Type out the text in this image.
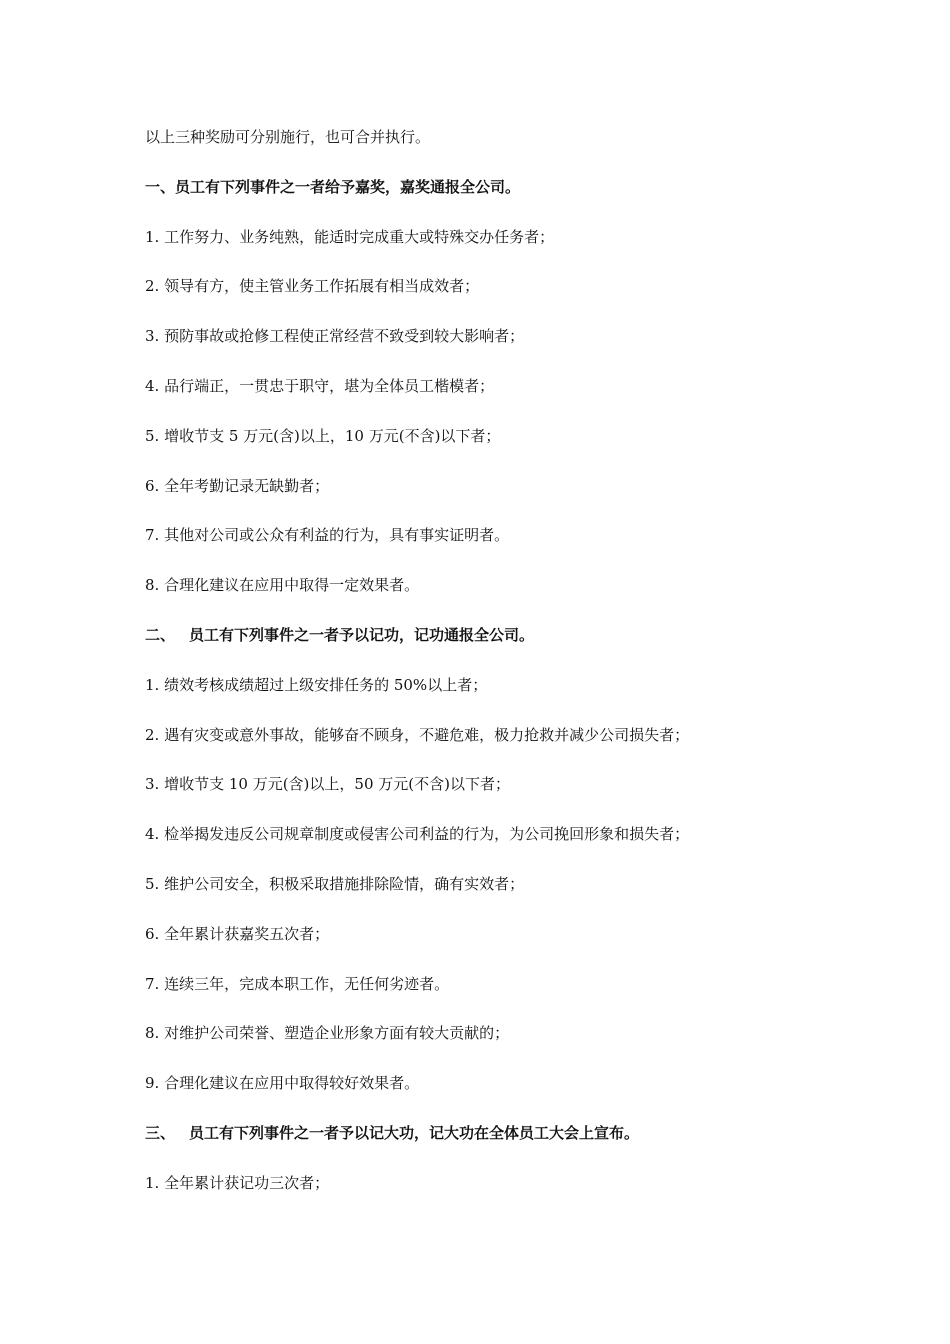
以上三种奖励可分别施行，也可合并执行。
一、员工有下列事件之一者给予嘉奖，嘉奖通报全公司。
1. 工作努力、业务纯熟，能适时完成重大或特殊交办任务者；
2. 领导有方，使主管业务工作拓展有相当成效者；
3. 预防事故或抢修工程使正常经营不致受到较大影响者；
4. 品行端正，一贯忠于职守，堪为全体员工楷模者；
5. 增收节支 5 万元(含)以上，10 万元(不含)以下者；
6. 全年考勤记录无缺勤者；
7. 其他对公司或公众有利益的行为，具有事实证明者。
8. 合理化建议在应用中取得一定效果者。
二、 员工有下列事件之一者予以记功，记功通报全公司。
1. 绩效考核成绩超过上级安排任务的 50%以上者；
2. 遇有灾变或意外事故，能够奋不顾身，不避危难，极力抢救并减少公司损失者；
3. 增收节支 10 万元(含)以上，50 万元(不含)以下者；
4. 检举揭发违反公司规章制度或侵害公司利益的行为，为公司挽回形象和损失者；
5. 维护公司安全，积极采取措施排除险情，确有实效者；
6. 全年累计获嘉奖五次者；
7. 连续三年，完成本职工作，无任何劣迹者。
8. 对维护公司荣誉、塑造企业形象方面有较大贡献的；
9. 合理化建议在应用中取得较好效果者。
三、 员工有下列事件之一者予以记大功，记大功在全体员工大会上宣布。
1. 全年累计获记功三次者；
